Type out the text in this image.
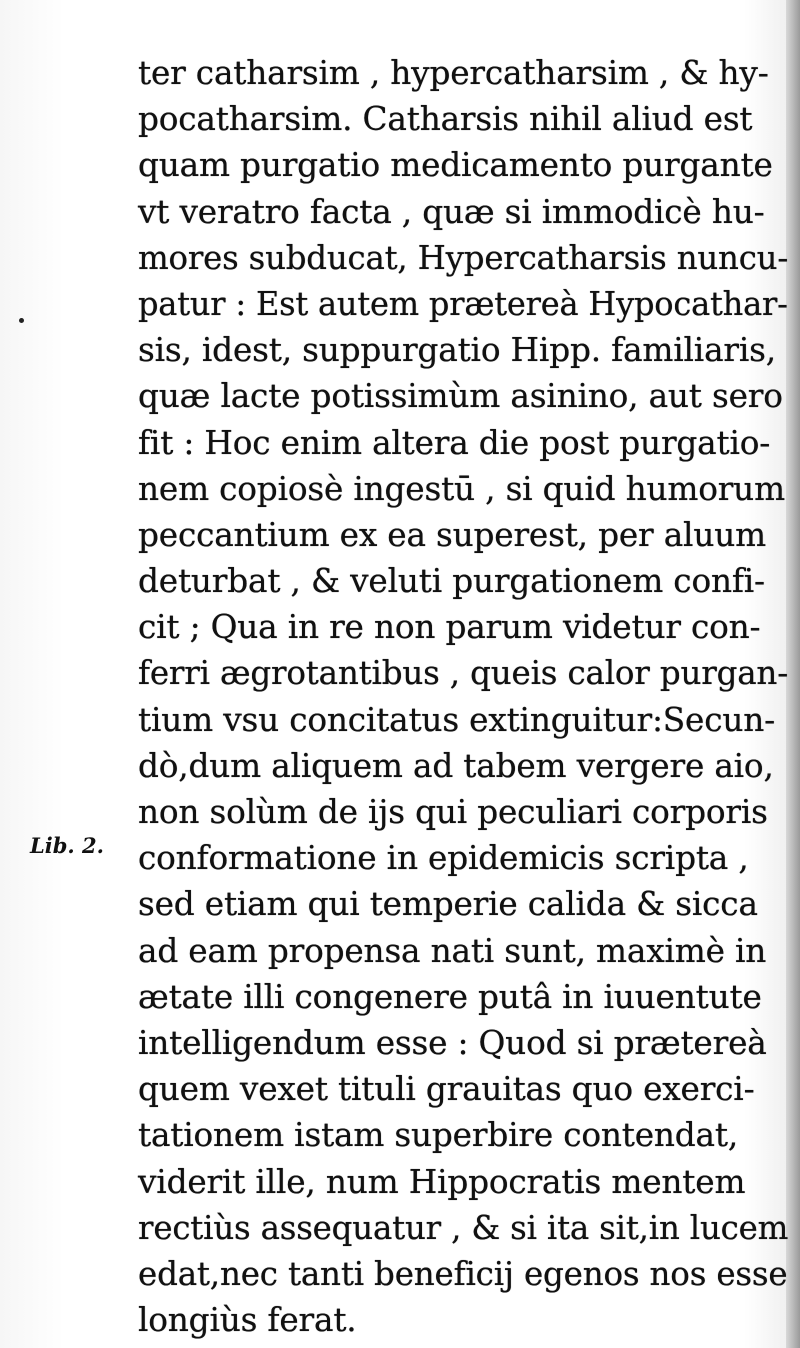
Lib. 2.
ter catharsim , hypercatharsim , & hy-
pocatharsim. Catharsis nihil aliud est
quam purgatio medicamento purgante
vt veratro facta , quæ si immodicè hu-
mores subducat, Hypercatharsis nuncu-
patur : Est autem prætereà Hypocathar-
sis, idest, suppurgatio Hipp. familiaris,
quæ lacte potissimùm asinino, aut sero
fit : Hoc enim altera die post purgatio-
nem copiosè ingestū , si quid humorum
peccantium ex ea superest, per aluum
deturbat , & veluti purgationem confi-
cit ; Qua in re non parum videtur con-
ferri ægrotantibus , queis calor purgan-
tium vsu concitatus extinguitur:Secun-
dò,dum aliquem ad tabem vergere aio,
non solùm de ijs qui peculiari corporis
conformatione in epidemicis scripta ,
sed etiam qui temperie calida & sicca
ad eam propensa nati sunt, maximè in
ætate illi congenere putâ in iuuentute
intelligendum esse : Quod si prætereà
quem vexet tituli grauitas quo exerci-
tationem istam superbire contendat,
viderit ille, num Hippocratis mentem
rectiùs assequatur , & si ita sit,in lucem
edat,nec tanti beneficij egenos nos esse
longiùs ferat.
